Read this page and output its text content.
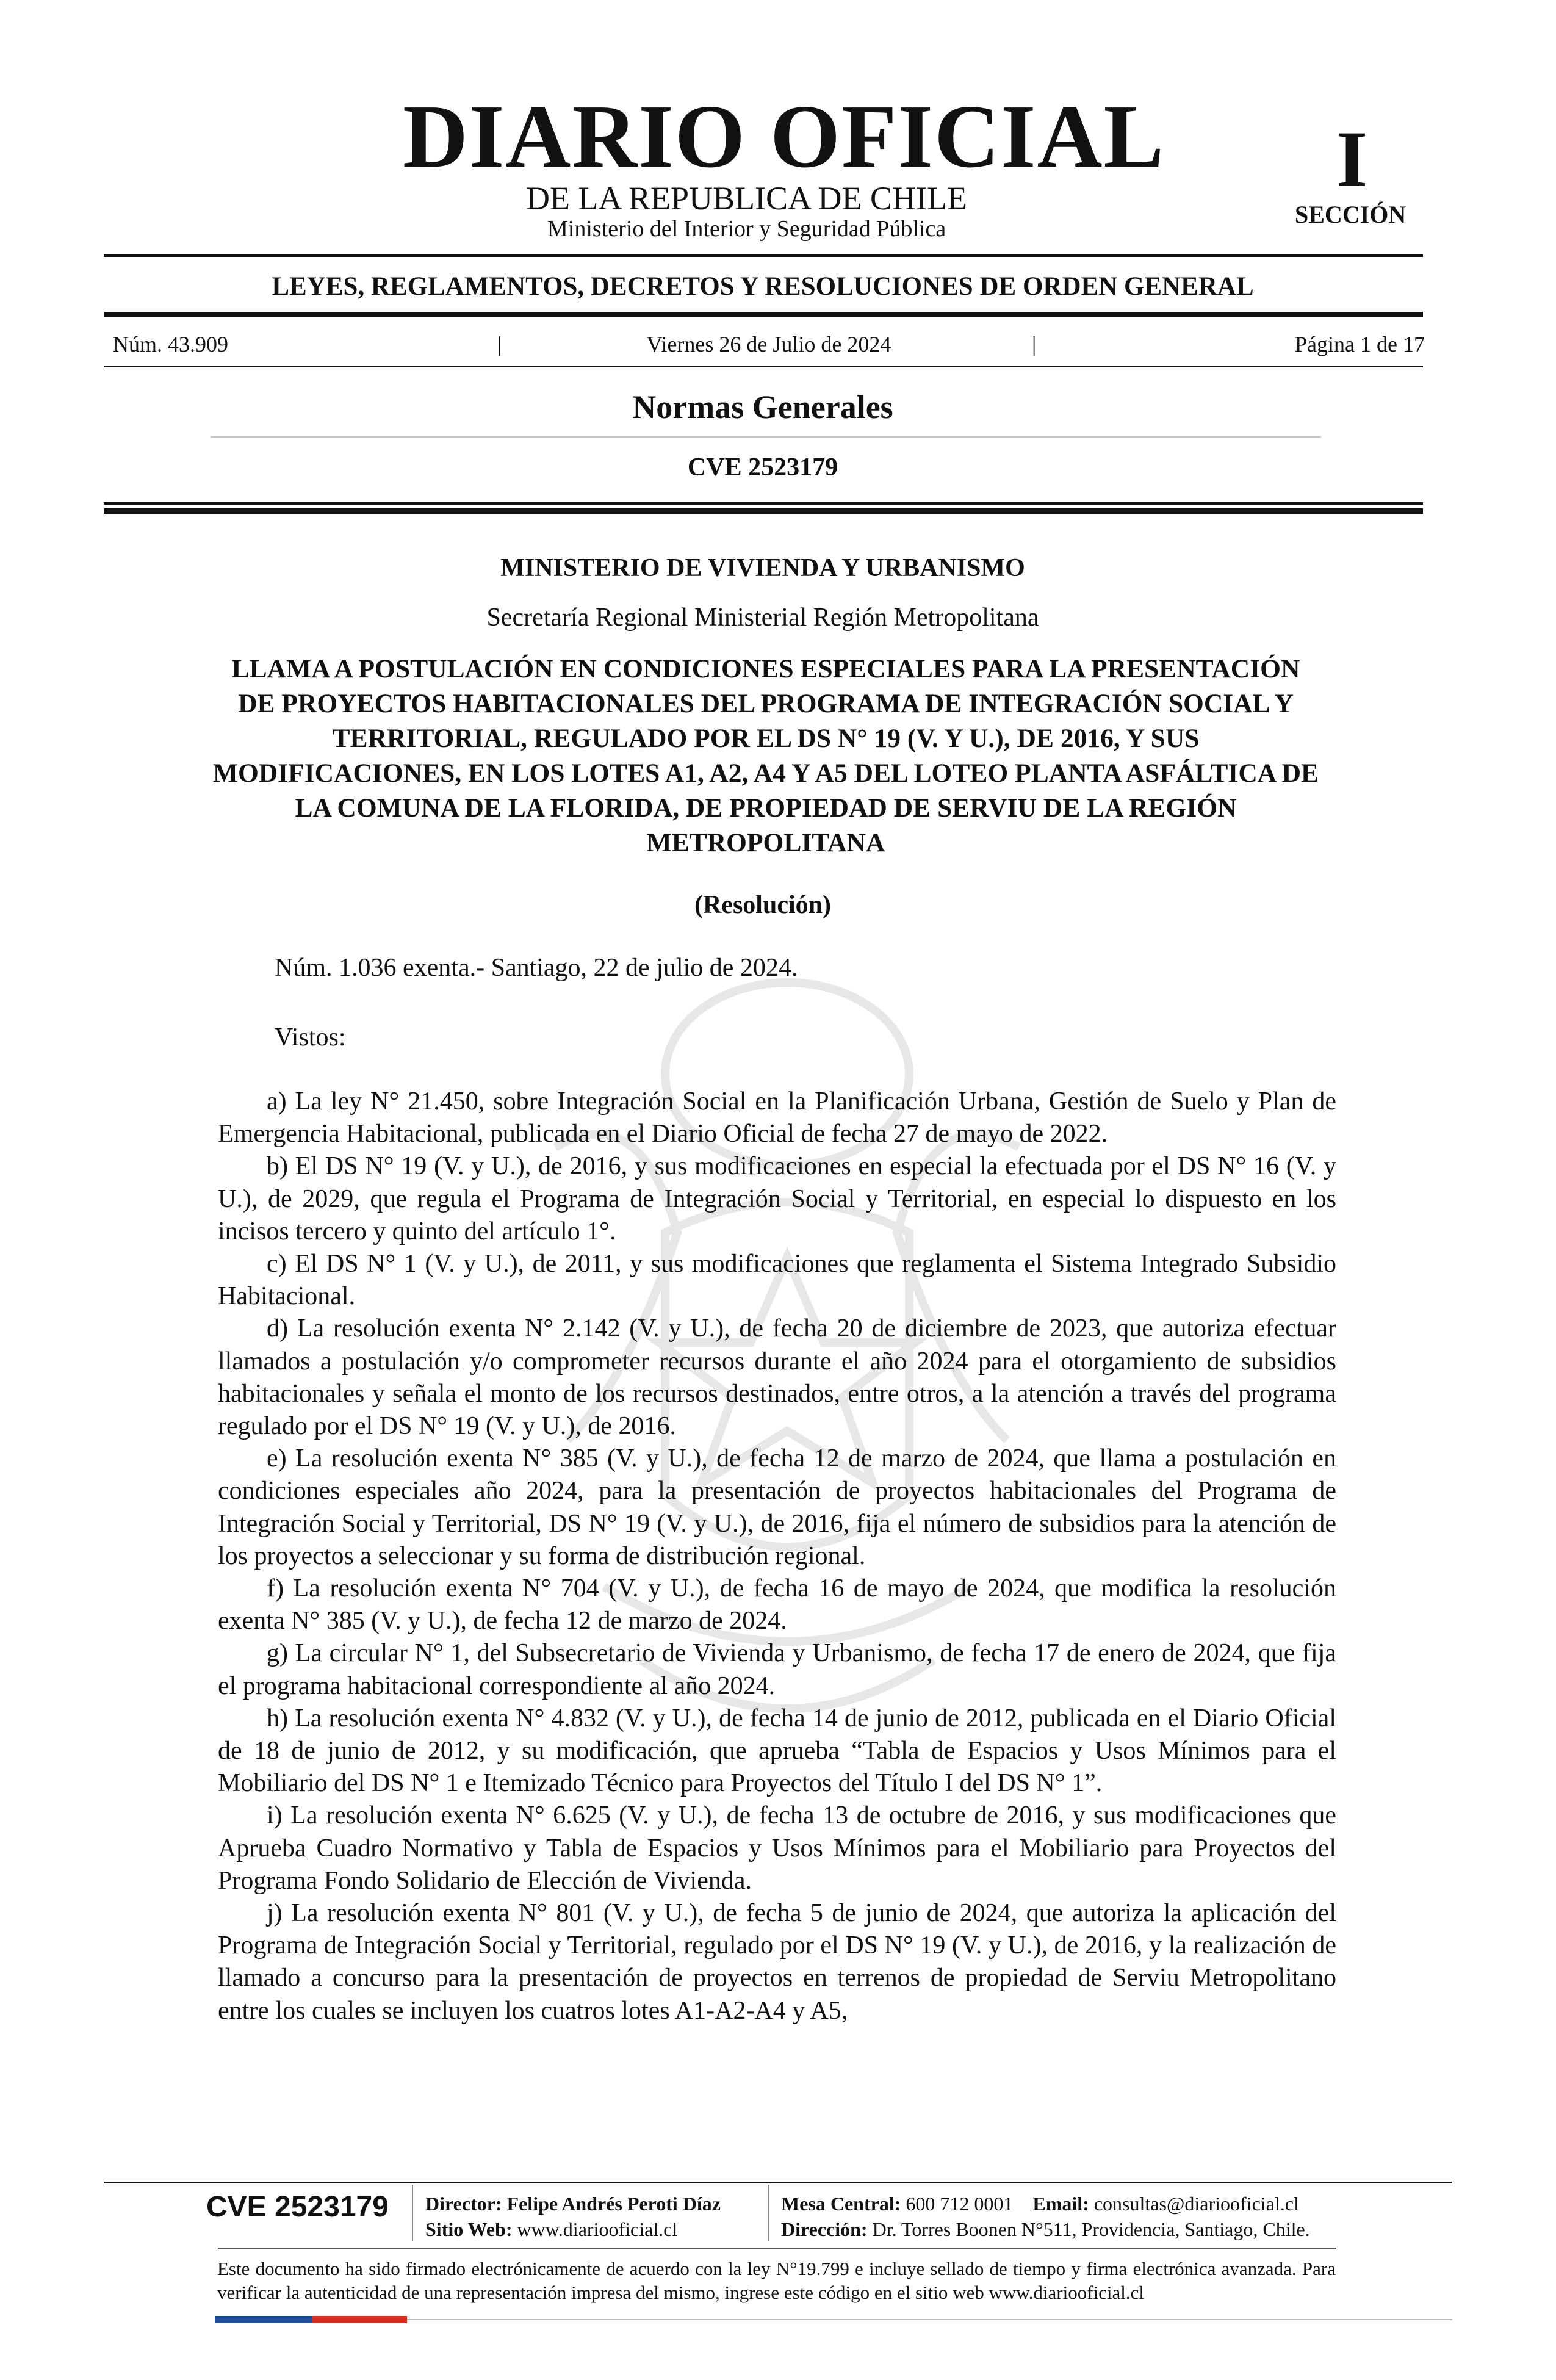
DIARIO OFICIAL
DE LA REPUBLICA DE CHILE
Ministerio del Interior y Seguridad Pública
I
SECCIÓN
LEYES, REGLAMENTOS, DECRETOS Y RESOLUCIONES DE ORDEN GENERAL
Núm. 43.909	|	Viernes 26 de Julio de 2024	|	Página 1 de 17
Normas Generales
CVE 2523179
MINISTERIO DE VIVIENDA Y URBANISMO
Secretaría Regional Ministerial Región Metropolitana
LLAMA A POSTULACIÓN EN CONDICIONES ESPECIALES PARA LA PRESENTACIÓN DE PROYECTOS HABITACIONALES DEL PROGRAMA DE INTEGRACIÓN SOCIAL Y TERRITORIAL, REGULADO POR EL DS N° 19 (V. Y U.), DE 2016, Y SUS MODIFICACIONES, EN LOS LOTES A1, A2, A4 Y A5 DEL LOTEO PLANTA ASFÁLTICA DE LA COMUNA DE LA FLORIDA, DE PROPIEDAD DE SERVIU DE LA REGIÓN METROPOLITANA
(Resolución)
Núm. 1.036 exenta.- Santiago, 22 de julio de 2024.
Vistos:

a) La ley N° 21.450, sobre Integración Social en la Planificación Urbana, Gestión de Suelo y Plan de Emergencia Habitacional, publicada en el Diario Oficial de fecha 27 de mayo de 2022.

b) El DS N° 19 (V. y U.), de 2016, y sus modificaciones en especial la efectuada por el DS N° 16 (V. y U.), de 2029, que regula el Programa de Integración Social y Territorial, en especial lo dispuesto en los incisos tercero y quinto del artículo 1°.

c) El DS N° 1 (V. y U.), de 2011, y sus modificaciones que reglamenta el Sistema Integrado Subsidio Habitacional.

d) La resolución exenta N° 2.142 (V. y U.), de fecha 20 de diciembre de 2023, que autoriza efectuar llamados a postulación y/o comprometer recursos durante el año 2024 para el otorgamiento de subsidios habitacionales y señala el monto de los recursos destinados, entre otros, a la atención a través del programa regulado por el DS N° 19 (V. y U.), de 2016.

e) La resolución exenta N° 385 (V. y U.), de fecha 12 de marzo de 2024, que llama a postulación en condiciones especiales año 2024, para la presentación de proyectos habitacionales del Programa de Integración Social y Territorial, DS N° 19 (V. y U.), de 2016, fija el número de subsidios para la atención de los proyectos a seleccionar y su forma de distribución regional.

f) La resolución exenta N° 704 (V. y U.), de fecha 16 de mayo de 2024, que modifica la resolución exenta N° 385 (V. y U.), de fecha 12 de marzo de 2024.

g) La circular N° 1, del Subsecretario de Vivienda y Urbanismo, de fecha 17 de enero de 2024, que fija el programa habitacional correspondiente al año 2024.

h) La resolución exenta N° 4.832 (V. y U.), de fecha 14 de junio de 2012, publicada en el Diario Oficial de 18 de junio de 2012, y su modificación, que aprueba “Tabla de Espacios y Usos Mínimos para el Mobiliario del DS N° 1 e Itemizado Técnico para Proyectos del Título I del DS N° 1”.

i) La resolución exenta N° 6.625 (V. y U.), de fecha 13 de octubre de 2016, y sus modificaciones que Aprueba Cuadro Normativo y Tabla de Espacios y Usos Mínimos para el Mobiliario para Proyectos del Programa Fondo Solidario de Elección de Vivienda.

j) La resolución exenta N° 801 (V. y U.), de fecha 5 de junio de 2024, que autoriza la aplicación del Programa de Integración Social y Territorial, regulado por el DS N° 19 (V. y U.), de 2016, y la realización de llamado a concurso para la presentación de proyectos en terrenos de propiedad de Serviu Metropolitano entre los cuales se incluyen los cuatros lotes A1-A2-A4 y A5,

CVE 2523179 Director: Felipe Andrés Peroti Díaz
Sitio Web: www.diariooficial.cl
Mesa Central: 600 712 0001 Email: consultas@diariooficial.cl
Dirección: Dr. Torres Boonen N°511, Providencia, Santiago, Chile.
Este documento ha sido firmado electrónicamente de acuerdo con la ley N°19.799 e incluye sellado de tiempo y firma electrónica avanzada. Para verificar la autenticidad de una representación impresa del mismo, ingrese este código en el sitio web www.diariooficial.cl
